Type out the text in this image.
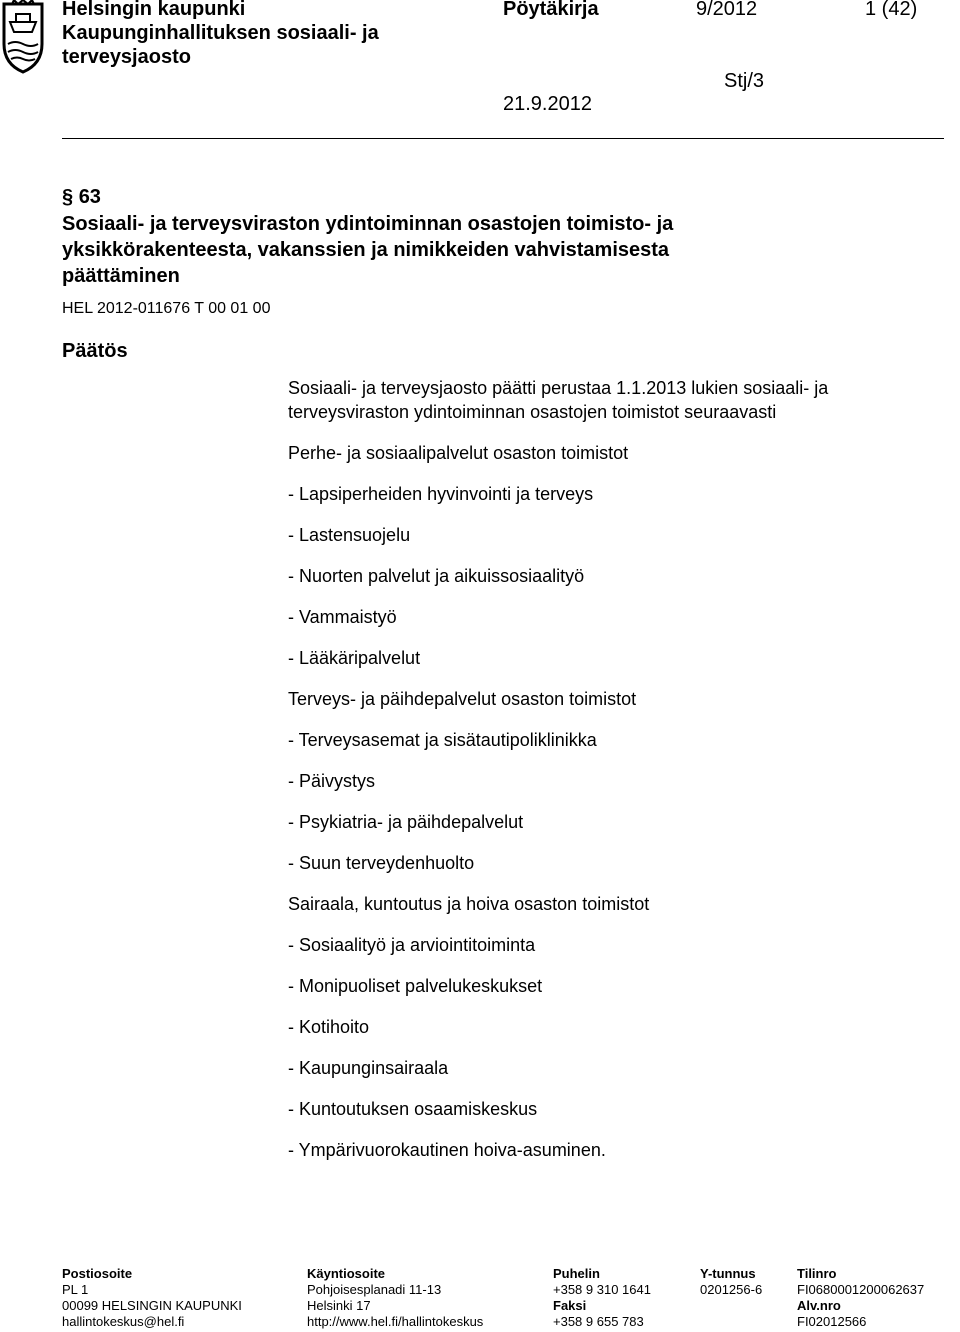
Helsingin kaupunki
Kaupunginhallituksen sosiaali- ja
terveysjaosto
Pöytäkirja	9/2012	1 (42)
Stj/3
21.9.2012
§ 63
Sosiaali- ja terveysviraston ydintoiminnan osastojen toimisto- ja
yksikkörakenteesta, vakanssien ja nimikkeiden vahvistamisesta
päättäminen
HEL 2012-011676 T 00 01 00
Päätös
Sosiaali- ja terveysjaosto päätti perustaa 1.1.2013 lukien sosiaali- ja
terveysviraston ydintoiminnan osastojen toimistot seuraavasti

Perhe- ja sosiaalipalvelut osaston toimistot

- Lapsiperheiden hyvinvointi ja terveys

- Lastensuojelu

- Nuorten palvelut ja aikuissosiaalityö

- Vammaistyö

- Lääkäripalvelut

Terveys- ja päihdepalvelut osaston toimistot

- Terveysasemat ja sisätautipoliklinikka

- Päivystys

- Psykiatria- ja päihdepalvelut

- Suun terveydenhuolto

Sairaala, kuntoutus ja hoiva osaston toimistot

- Sosiaalityö ja arviointitoiminta

- Monipuoliset palvelukeskukset

- Kotihoito

- Kaupunginsairaala

- Kuntoutuksen osaamiskeskus

- Ympärivuorokautinen hoiva-asuminen.

Postiosoite
PL 1
00099 HELSINGIN KAUPUNKI
hallintokeskus@hel.fi
Käyntiosoite
Pohjoisesplanadi 11-13
Helsinki 17
http://www.hel.fi/hallintokeskus
Puhelin
+358 9 310 1641
Faksi
+358 9 655 783
Y-tunnus
0201256-6
Tilinro
FI0680001200062637
Alv.nro
FI02012566
